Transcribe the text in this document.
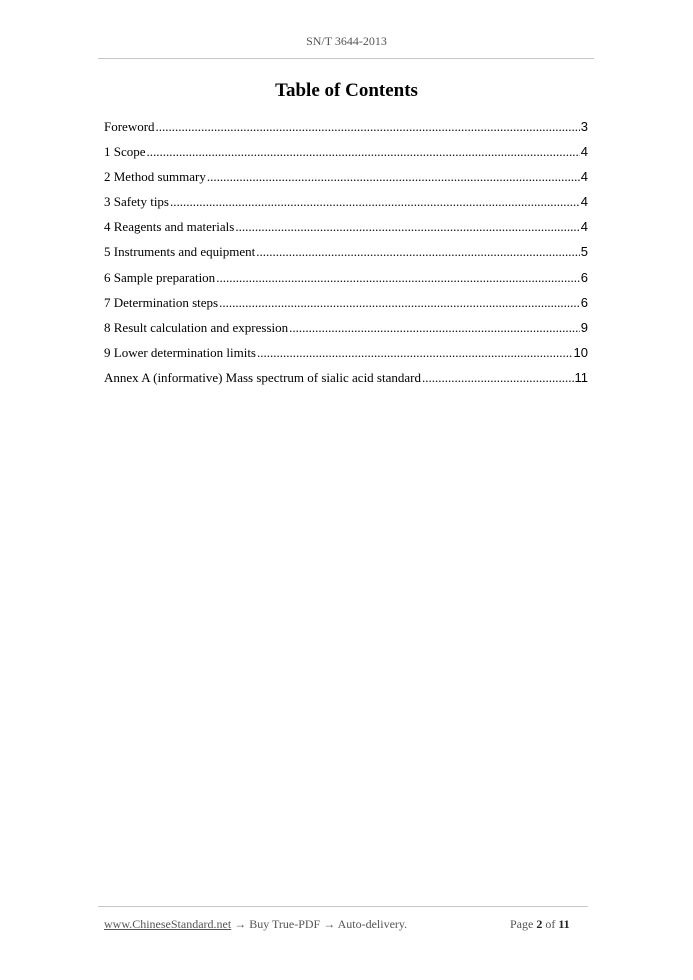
SN/T 3644-2013
Table of Contents
Foreword .....	3
1 Scope .....	4
2 Method summary .....	4
3 Safety tips .....	4
4 Reagents and materials .....	4
5 Instruments and equipment .....	5
6 Sample preparation .....	6
7 Determination steps .....	6
8 Result calculation and expression .....	9
9 Lower determination limits .....	10
Annex A (informative) Mass spectrum of sialic acid standard .....	11
www.ChineseStandard.net → Buy True-PDF → Auto-delivery.	Page 2 of 11
